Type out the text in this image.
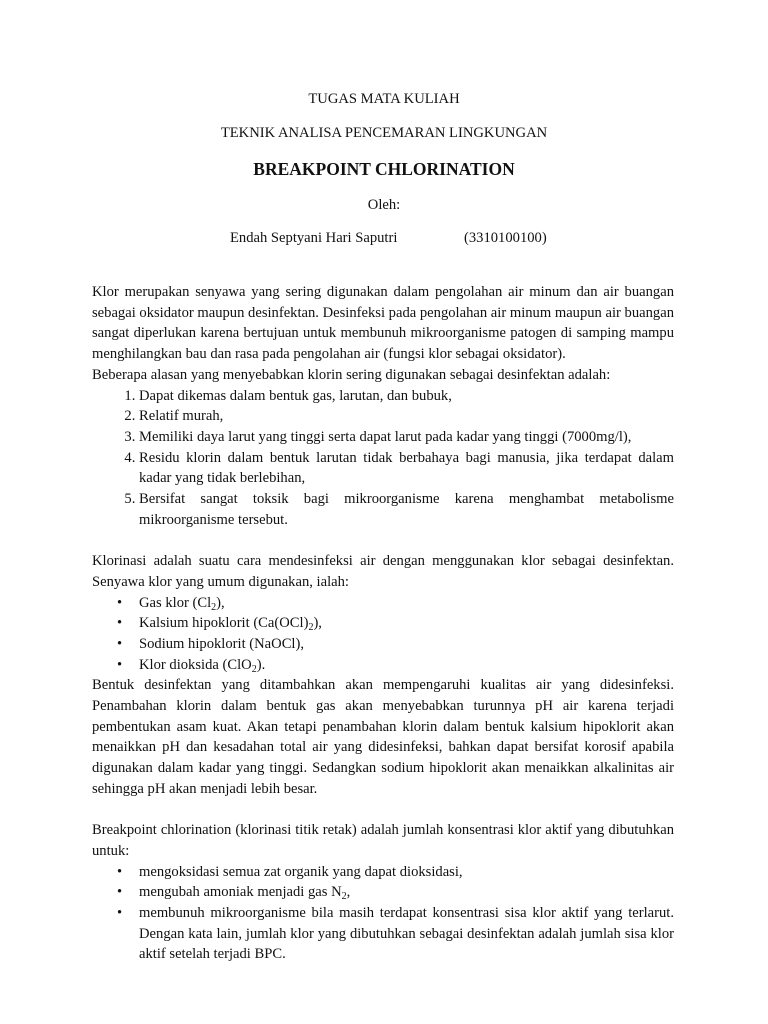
TUGAS MATA KULIAH

TEKNIK ANALISA PENCEMARAN LINGKUNGAN

BREAKPOINT CHLORINATION

Oleh:

Endah Septyani Hari Saputri	(3310100100)

Klor merupakan senyawa yang sering digunakan dalam pengolahan air minum dan air buangan sebagai oksidator maupun desinfektan. Desinfeksi pada pengolahan air minum maupun air buangan sangat diperlukan karena bertujuan untuk membunuh mikroorganisme patogen di samping mampu menghilangkan bau dan rasa pada pengolahan air (fungsi klor sebagai oksidator).

Beberapa alasan yang menyebabkan klorin sering digunakan sebagai desinfektan adalah:

1. Dapat dikemas dalam bentuk gas, larutan, dan bubuk,
2. Relatif murah,
3. Memiliki daya larut yang tinggi serta dapat larut pada kadar yang tinggi (7000mg/l),
4. Residu klorin dalam bentuk larutan tidak berbahaya bagi manusia, jika terdapat dalam kadar yang tidak berlebihan,
5. Bersifat sangat toksik bagi mikroorganisme karena menghambat metabolisme mikroorganisme tersebut.

Klorinasi adalah suatu cara mendesinfeksi air dengan menggunakan klor sebagai desinfektan. Senyawa klor yang umum digunakan, ialah:

• Gas klor $(Cl_2)$,
• Kalsium hipoklorit $(Ca(OCl)_2)$,
• Sodium hipoklorit (NaOCl),
• Klor dioksida (ClO$_2$).

Bentuk desinfektan yang ditambahkan akan mempengaruhi kualitas air yang didesinfeksi. Penambahan klorin dalam bentuk gas akan menyebabkan turunnya pH air karena terjadi pembentukan asam kuat. Akan tetapi penambahan klorin dalam bentuk kalsium hipoklorit akan menaikkan pH dan kesadahan total air yang didesinfeksi, bahkan dapat bersifat korosif apabila digunakan dalam kadar yang tinggi. Sedangkan sodium hipoklorit akan menaikkan alkalinitas air sehingga pH akan menjadi lebih besar.

Breakpoint chlorination (klorinasi titik retak) adalah jumlah konsentrasi klor aktif yang dibutuhkan untuk:

• mengoksidasi semua zat organik yang dapat dioksidasi,
• mengubah amoniak menjadi gas $N_2$,
• membunuh mikroorganisme bila masih terdapat konsentrasi sisa klor aktif yang terlarut. Dengan kata lain, jumlah klor yang dibutuhkan sebagai desinfektan adalah jumlah sisa klor aktif setelah terjadi BPC.
